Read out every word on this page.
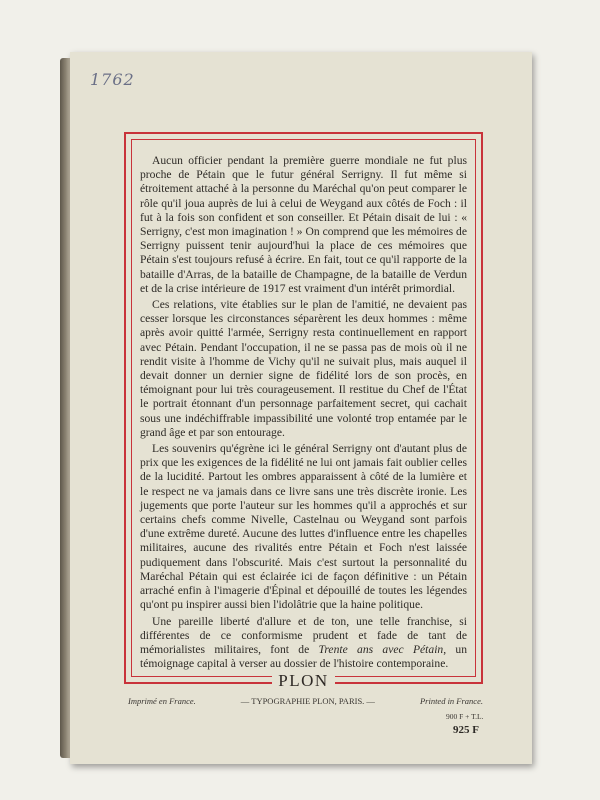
1762

Aucun officier pendant la première guerre mondiale ne fut plus proche de Pétain que le futur général Serrigny. Il fut même si étroitement attaché à la personne du Maréchal qu'on peut comparer le rôle qu'il joua auprès de lui à celui de Weygand aux côtés de Foch : il fut à la fois son confident et son conseiller. Et Pétain disait de lui : « Serrigny, c'est mon imagination ! » On comprend que les mémoires de Serrigny puissent tenir aujourd'hui la place de ces mémoires que Pétain s'est toujours refusé à écrire. En fait, tout ce qu'il rapporte de la bataille d'Arras, de la bataille de Champagne, de la bataille de Verdun et de la crise intérieure de 1917 est vraiment d'un intérêt primordial.

Ces relations, vite établies sur le plan de l'amitié, ne devaient pas cesser lorsque les circonstances séparèrent les deux hommes : même après avoir quitté l'armée, Serrigny resta continuellement en rapport avec Pétain. Pendant l'occupation, il ne se passa pas de mois où il ne rendit visite à l'homme de Vichy qu'il ne suivait plus, mais auquel il devait donner un dernier signe de fidélité lors de son procès, en témoignant pour lui très courageusement. Il restitue du Chef de l'État le portrait étonnant d'un personnage parfaitement secret, qui cachait sous une indéchiffrable impassibilité une volonté trop entamée par le grand âge et par son entourage.

Les souvenirs qu'égrène ici le général Serrigny ont d'autant plus de prix que les exigences de la fidélité ne lui ont jamais fait oublier celles de la lucidité. Partout les ombres apparaissent à côté de la lumière et le respect ne va jamais dans ce livre sans une très discrète ironie. Les jugements que porte l'auteur sur les hommes qu'il a approchés et sur certains chefs comme Nivelle, Castelnau ou Weygand sont parfois d'une extrême dureté. Aucune des luttes d'influence entre les chapelles militaires, aucune des rivalités entre Pétain et Foch n'est laissée pudiquement dans l'obscurité. Mais c'est surtout la personnalité du Maréchal Pétain qui est éclairée ici de façon définitive : un Pétain arraché enfin à l'imagerie d'Épinal et dépouillé de toutes les légendes qu'ont pu inspirer aussi bien l'idolâtrie que la haine politique.

Une pareille liberté d'allure et de ton, une telle franchise, si différentes de ce conformisme prudent et fade de tant de mémorialistes militaires, font de Trente ans avec Pétain, un témoignage capital à verser au dossier de l'histoire contemporaine.

PLON
Imprimé en France.	— TYPOGRAPHIE PLON, PARIS. —	Printed in France.
900 F + T.L.
925 F
